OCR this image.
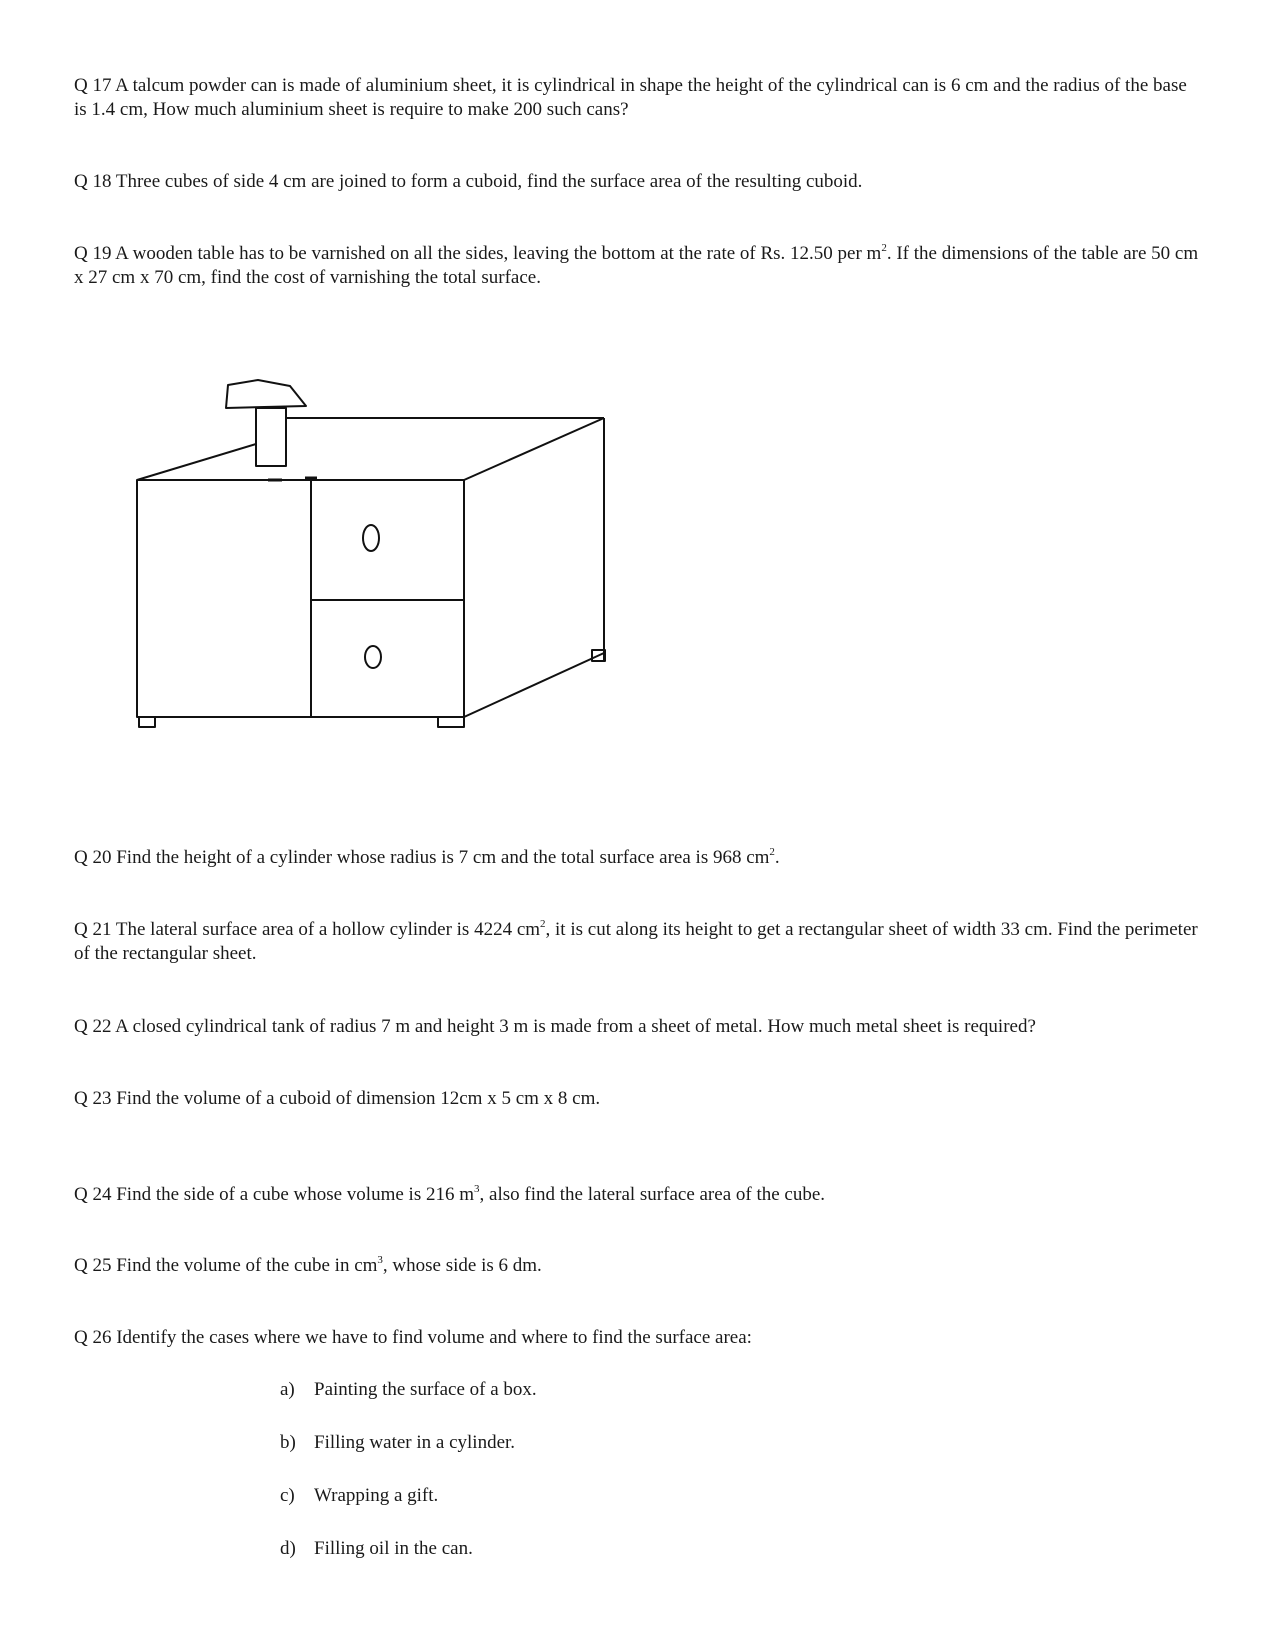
Q 17 A talcum powder can is made of aluminium sheet, it is cylindrical in shape the height of the cylindrical can is 6 cm and the radius of the base is 1.4 cm, How much aluminium sheet is require to make 200 such cans?

Q 18 Three cubes of side 4 cm are joined to form a cuboid, find the surface area of the resulting cuboid.

Q 19 A wooden table has to be varnished on all the sides, leaving the bottom at the rate of Rs. 12.50 per $m^2$. If the dimensions of the table are 50 cm x 27 cm x 70 cm, find the cost of varnishing the total surface.

Q 20 Find the height of a cylinder whose radius is 7 cm and the total surface area is 968 $cm^2$.

Q 21 The lateral surface area of a hollow cylinder is 4224 $cm^2$, it is cut along its height to get a rectangular sheet of width 33 cm. Find the perimeter of the rectangular sheet.

Q 22 A closed cylindrical tank of radius 7 m and height 3 m is made from a sheet of metal. How much metal sheet is required?

Q 23 Find the volume of a cuboid of dimension 12cm x 5 cm x 8 cm.

Q 24 Find the side of a cube whose volume is 216 $m^3$, also find the lateral surface area of the cube.

Q 25 Find the volume of the cube in $cm^3$, whose side is 6 dm.

Q 26 Identify the cases where we have to find volume and where to find the surface area:

a) Painting the surface of a box.

b) Filling water in a cylinder.

c) Wrapping a gift.

d) Filling oil in the can.
